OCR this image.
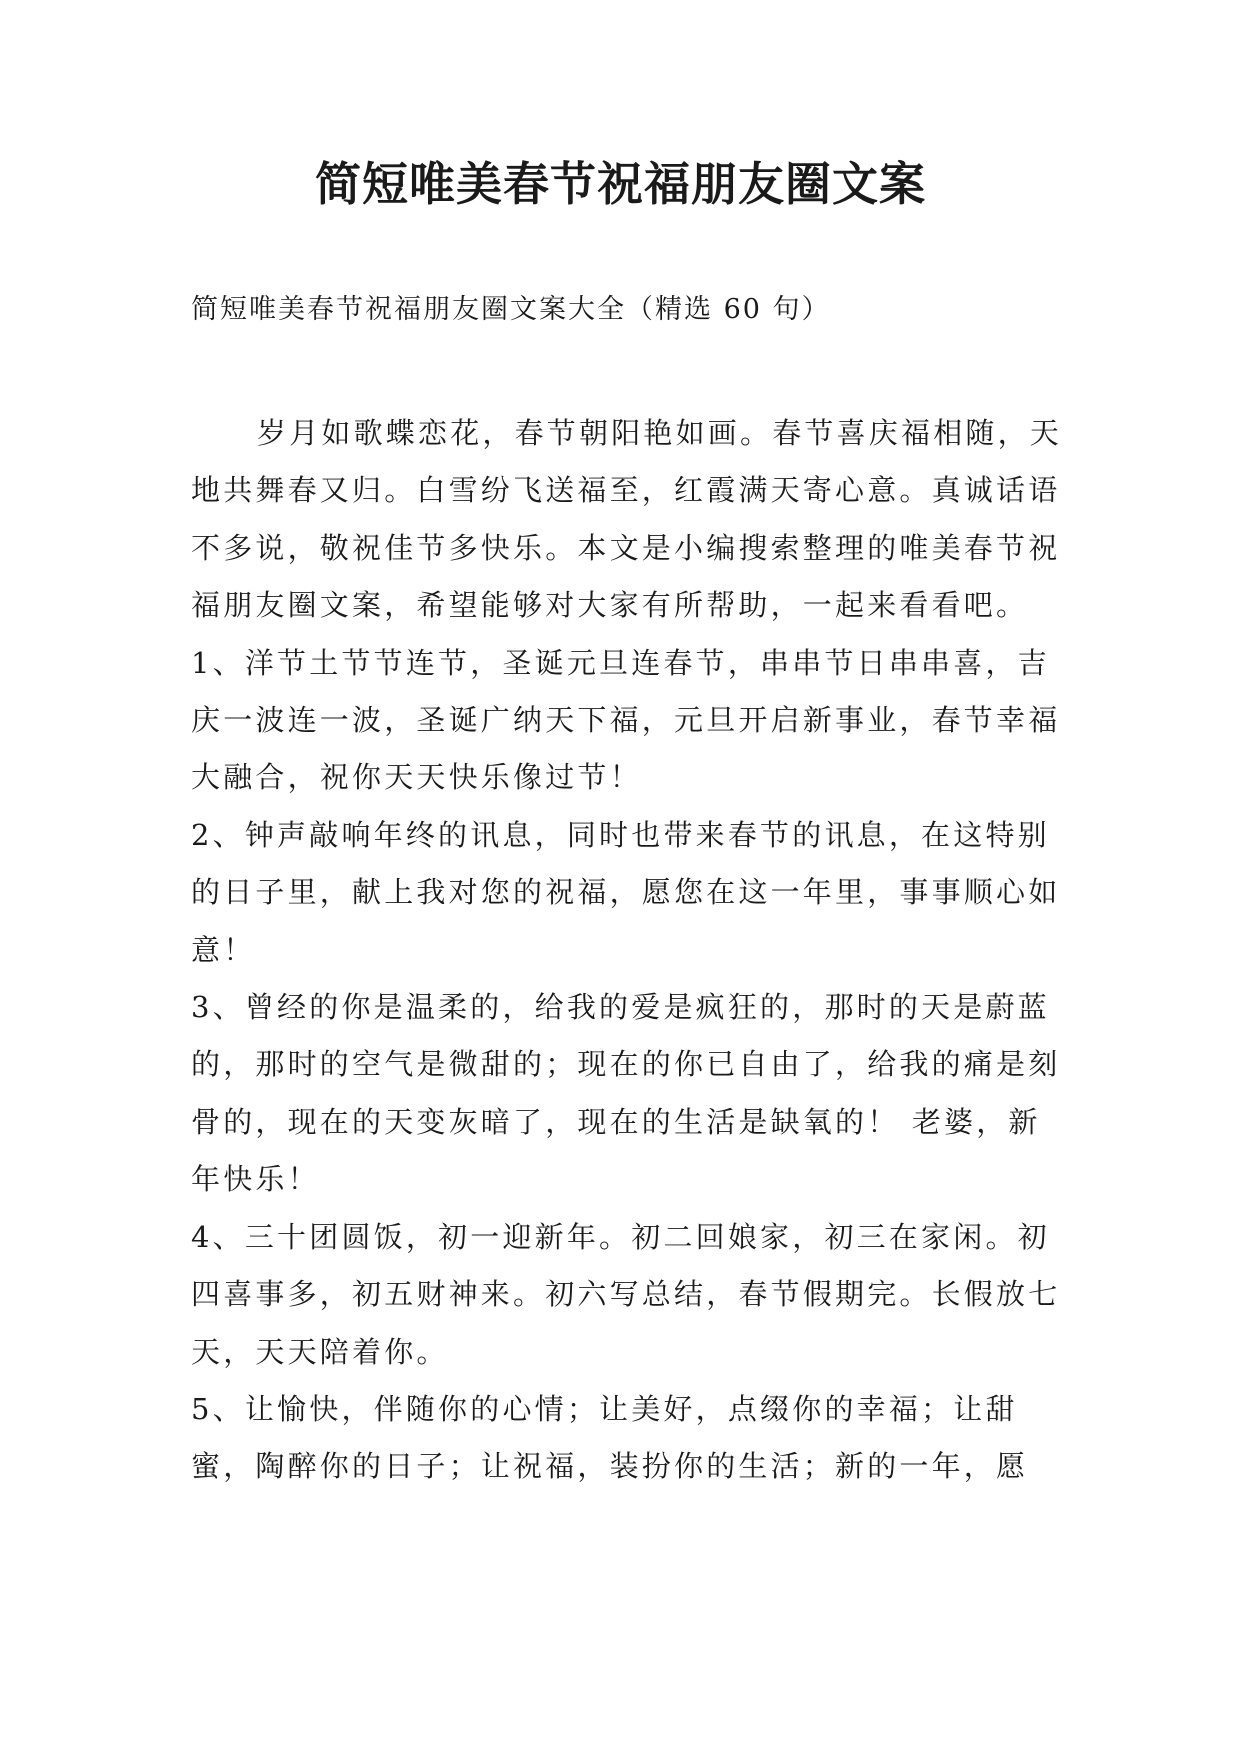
简短唯美春节祝福朋友圈文案

简短唯美春节祝福朋友圈文案大全（精选 60 句）

岁月如歌蝶恋花，春节朝阳艳如画。春节喜庆福相随，天地共舞春又归。白雪纷飞送福至，红霞满天寄心意。真诚话语不多说，敬祝佳节多快乐。本文是小编搜索整理的唯美春节祝福朋友圈文案，希望能够对大家有所帮助，一起来看看吧。

1、洋节土节节连节，圣诞元旦连春节，串串节日串串喜，吉庆一波连一波，圣诞广纳天下福，元旦开启新事业，春节幸福大融合，祝你天天快乐像过节！

2、钟声敲响年终的讯息，同时也带来春节的讯息，在这特别的日子里，献上我对您的祝福，愿您在这一年里，事事顺心如意！

3、曾经的你是温柔的，给我的爱是疯狂的，那时的天是蔚蓝的，那时的空气是微甜的；现在的你已自由了，给我的痛是刻骨的，现在的天变灰暗了，现在的生活是缺氧的！ 老婆，新年快乐！

4、三十团圆饭，初一迎新年。初二回娘家，初三在家闲。初四喜事多，初五财神来。初六写总结，春节假期完。长假放七天，天天陪着你。

5、让愉快，伴随你的心情；让美好，点缀你的幸福；让甜蜜，陶醉你的日子；让祝福，装扮你的生活；新的一年，愿
